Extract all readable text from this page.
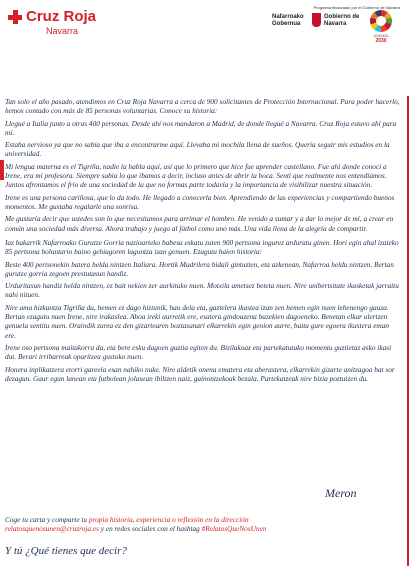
Cruz Roja
Navarra
Programa financiado por el Gobierno de Navarra
Nafarroako Gobernua
Gobierno de Navarra
AGENDA
2030

Tan solo el año pasado, atendimos en Cruz Roja Navarra a cerca de 900 solicitantes de Protección Internacional. Para poder hacerlo, hemos contado con más de 85 personas voluntarias. Conoce su historia:

Llegué a Italia junto a otras 400 personas. Desde ahí nos mandaron a Madrid, de donde llegué a Navarra. Cruz Roja estuvo ahí para mí.

Estaba nervioso ya que no sabía que iba a encontrarme aquí. Llevaba mi mochila llena de sueños. Quería seguir mis estudios en la universidad.

Mi lengua materna es el Tigriña, nadie la habla aquí, así que lo primero que hice fue aprender castellano. Fue ahí donde conocí a Irene, era mi profesora. Siempre sabía lo que íbamos a decir, incluso antes de abrir la boca. Sentí que realmente nos entendíamos. Juntos afrontamos el frío de una sociedad de la que no formas parte todavía y la importancia de visibilizar nuestra situación.

Irene es una persona cariñosa, que lo da todo. He llegado a conocerla bien. Aprendiendo de las experiencias y compartiendo buenos momentos. Me gustaba regalarle una sonrisa.

Me gustaría decir que ustedes son lo que necesitamos para arrimar el hombro. He venido a sumar y a dar lo mejor de mí, a crear en común una sociedad más diversa. Ahora trabajo y juego al fútbol como uno más. Una vida llena de la alegría de compartir.

Iaz bakarrik Nafarroako Gurutze Gorria nazioarteko babesa eskatu zuten 900 pertsona ingurez arduratu ginen. Hori egin ahal izateko 85 pertsona boluntario baino gehiagoren laguntza izan genuen. Ezagutu haien historia:

Beste 400 pertsonekin batera helda nintzen Italiara. Hortik Madrilera bidali gintuzten, eta azkenean, Nafarroa heldu nintzen. Bertan gurutze gorria zegoen prestutasun handiz.

Urduritasun handiz helda nintzen, ez bait nekien zer aurkituko nuen. Motxila ametsez beteta nuen. Nire unibertsitate ikasketak jarraitu nahi nituen.

Nire ama hizkuntza Tigriña da, hemen ez dago hiztunik, hau dela eta, gaztelera ikastea izan zen hemen egin nuen lehenengo gauza. Bertan ezagutu nuen Irene, nire irakaslea. Ahoa ireki aurretik ere, esatera gindoazena bazekien dagoeneko. Benetan elkar ulertzen genuela sentitu nuen. Oraindik zurea ez den gizartearen hoztasunari elkarrekin egin genion aurre, baita gure egoera ikustera eman ere.

Irene oso pertsona maitakorra da, eta bere esku dagoen guztia egiten du. Bizilakoaz eta partekatutako momentu guztietaz asko ikasi dut. Berari irribarreak oparitzea gustoko nuen.

Honera inplikatzera etorri gareela esan nahiko nuke. Nire aldetik onena ematera eta aberastera, elkarrekin gizarte anitzagoa bat sor dezagun. Gaur egun lanean eta futbolean jolasean ibiltzen naiz, gainontzekoak bezala. Partekatzeak nire bizia poztutzen du.

Meron

Coge tu carta y comparte tu propia historia, experiencia o reflexión en la dirección

relatosquenosunen@cruzroja.es y en redes sociales con el hashtag #RelatosQueNosUnen

Y tú ¿Qué tienes que decir?
